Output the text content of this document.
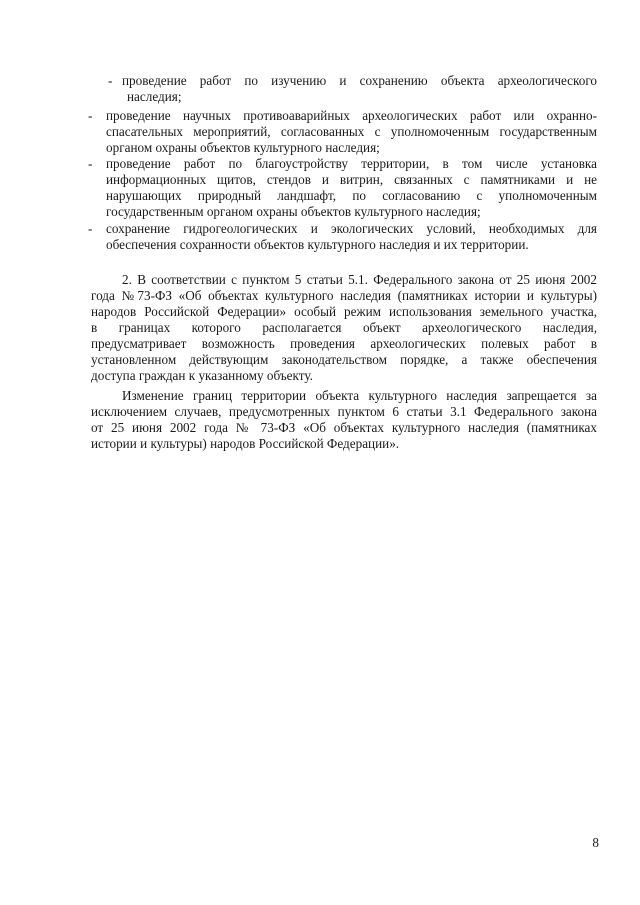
- проведение работ по изучению и сохранению объекта археологического
наследия;
- проведение научных противоаварийных археологических работ или охранно-
спасательных мероприятий, согласованных с уполномоченным государственным
органом охраны объектов культурного наследия;
- проведение работ по благоустройству территории, в том числе установка
информационных щитов, стендов и витрин, связанных с памятниками и не
нарушающих природный ландшафт, по согласованию с уполномоченным
государственным органом охраны объектов культурного наследия;
- сохранение гидрогеологических и экологических условий, необходимых для
обеспечения сохранности объектов культурного наследия и их территории.
2. В соответствии с пунктом 5 статьи 5.1. Федерального закона от 25 июня 2002
года №73-ФЗ «Об объектах культурного наследия (памятниках истории и культуры)
народов Российской Федерации» особый режим использования земельного участка,
в границах которого располагается объект археологического наследия,
предусматривает возможность проведения археологических полевых работ в
установленном действующим законодательством порядке, а также обеспечения
доступа граждан к указанному объекту.
Изменение границ территории объекта культурного наследия запрещается за
исключением случаев, предусмотренных пунктом 6 статьи 3.1 Федерального закона
от 25 июня 2002 года № 73-ФЗ «Об объектах культурного наследия (памятниках
истории и культуры) народов Российской Федерации».
8
